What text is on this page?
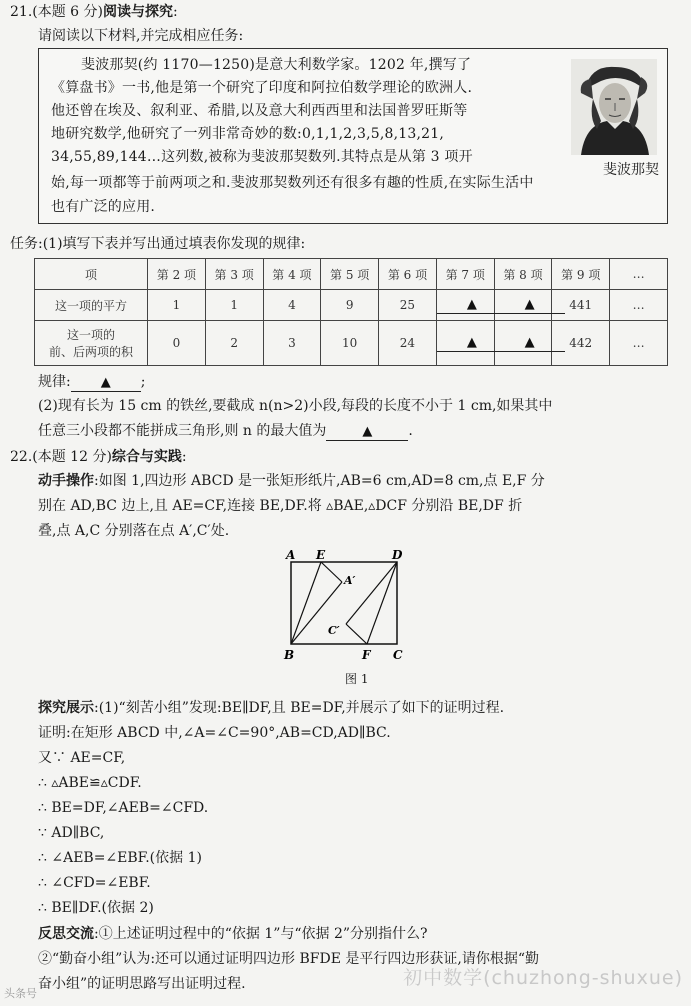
21.(本题 6 分)阅读与探究:
请阅读以下材料,并完成相应任务:
斐波那契(约 1170—1250)是意大利数学家。1202 年,撰写了
《算盘书》一书,他是第一个研究了印度和阿拉伯数学理论的欧洲人.
他还曾在埃及、叙利亚、希腊,以及意大利西西里和法国普罗旺斯等
地研究数学,他研究了一列非常奇妙的数:0,1,1,2,3,5,8,13,21,
34,55,89,144…这列数,被称为斐波那契数列.其特点是从第 3 项开
始,每一项都等于前两项之和.斐波那契数列还有很多有趣的性质,在实际生活中
也有广泛的应用.
斐波那契
任务:(1)填写下表并写出通过填表你发现的规律:
项	第 2 项	第 3 项	第 4 项	第 5 项	第 6 项	第 7 项	第 8 项	第 9 项	…
这一项的平方	1	1	4	9	25	▲	▲	441	…

这一项的
前、后两项的积	0	2	3	10	24	▲	▲	442	…
规律: ▲ ;
(2)现有长为 15 cm 的铁丝,要截成 n(n>2)小段,每段的长度不小于 1 cm,如果其中
任意三小段都不能拼成三角形,则 n 的最大值为	▲	.
22.(本题 12 分)综合与实践:
动手操作:如图 1,四边形 ABCD 是一张矩形纸片,AB=6 cm,AD=8 cm,点 E,F 分
别在 AD,BC 边上,且 AE=CF,连接 BE,DF.将 ▵BAE,▵DCF 分别沿 BE,DF 折
叠,点 A,C 分别落在点 A′,C′处.
A E	D
A′
C′
B	F C
图 1
探究展示:(1)“刻苦小组”发现:BE∥DF,且 BE=DF,并展示了如下的证明过程.
证明:在矩形 ABCD 中,∠A=∠C=90°,AB=CD,AD∥BC.
又∵ AE=CF,
∴ ▵ABE≌▵CDF.
∴ BE=DF,∠AEB=∠CFD.
∵ AD∥BC,
∴ ∠AEB=∠EBF.(依据 1)
∴ ∠CFD=∠EBF.
∴ BE∥DF.(依据 2)
反思交流:①上述证明过程中的“依据 1”与“依据 2”分别指什么?
②“勤奋小组”认为:还可以通过证明四边形 BFDE 是平行四边形获证,请你根据“勤
奋小组”的证明思路写出证明过程.	初中数学(chuzhong-shuxue)
头条号
